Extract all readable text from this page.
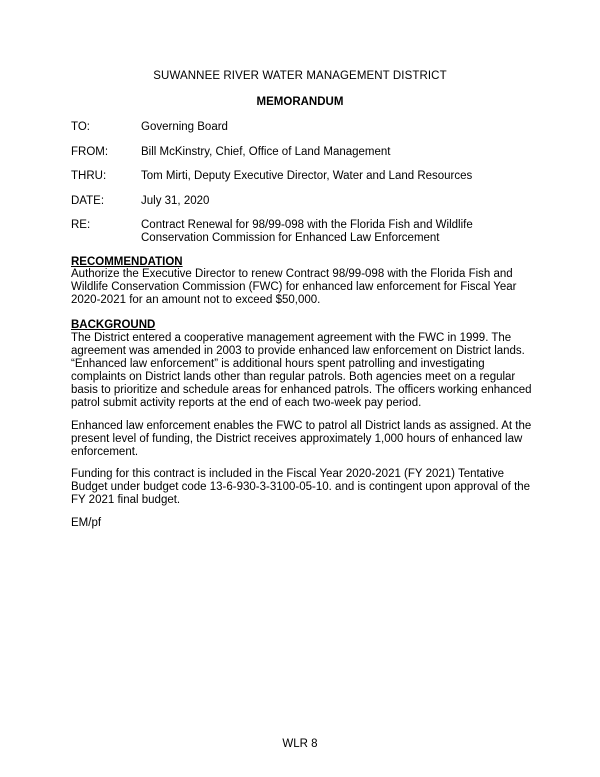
SUWANNEE RIVER WATER MANAGEMENT DISTRICT
MEMORANDUM
TO:	Governing Board
FROM:	Bill McKinstry, Chief, Office of Land Management
THRU:	Tom Mirti, Deputy Executive Director, Water and Land Resources
DATE:	July 31, 2020
RE:	Contract Renewal for 98/99-098 with the Florida Fish and Wildlife Conservation Commission for Enhanced Law Enforcement
RECOMMENDATION
Authorize the Executive Director to renew Contract 98/99-098 with the Florida Fish and Wildlife Conservation Commission (FWC) for enhanced law enforcement for Fiscal Year 2020-2021 for an amount not to exceed $50,000.
BACKGROUND
The District entered a cooperative management agreement with the FWC in 1999. The agreement was amended in 2003 to provide enhanced law enforcement on District lands. “Enhanced law enforcement” is additional hours spent patrolling and investigating complaints on District lands other than regular patrols. Both agencies meet on a regular basis to prioritize and schedule areas for enhanced patrols. The officers working enhanced patrol submit activity reports at the end of each two-week pay period.
Enhanced law enforcement enables the FWC to patrol all District lands as assigned. At the present level of funding, the District receives approximately 1,000 hours of enhanced law enforcement.
Funding for this contract is included in the Fiscal Year 2020-2021 (FY 2021) Tentative Budget under budget code 13-6-930-3-3100-05-10. and is contingent upon approval of the FY 2021 final budget.
EM/pf
WLR 8
